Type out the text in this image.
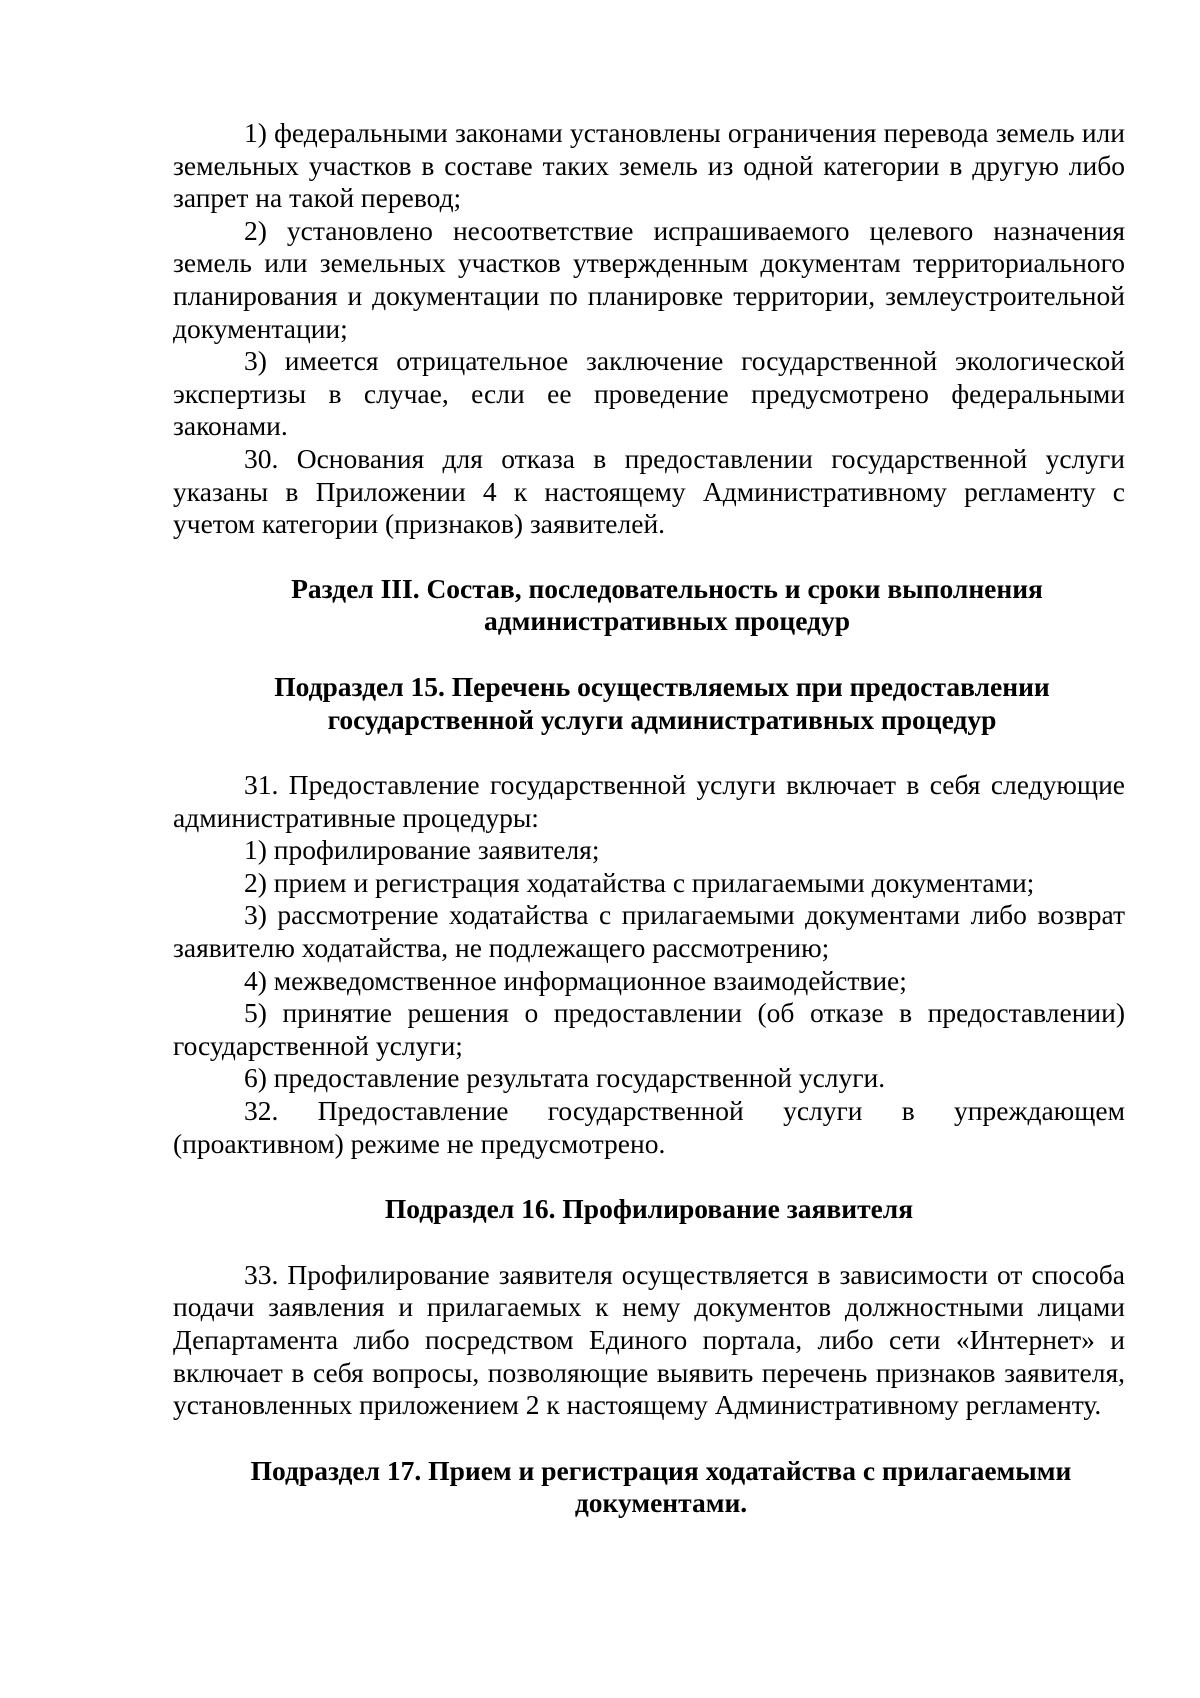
1) федеральными законами установлены ограничения перевода земель или земельных участков в составе таких земель из одной категории в другую либо запрет на такой перевод;

2) установлено несоответствие испрашиваемого целевого назначения земель или земельных участков утвержденным документам территориального планирования и документации по планировке территории, землеустроительной документации;

3) имеется отрицательное заключение государственной экологической экспертизы в случае, если ее проведение предусмотрено федеральными законами.

30. Основания для отказа в предоставлении государственной услуги указаны в Приложении 4 к настоящему Административному регламенту с учетом категории (признаков) заявителей.

Раздел III. Состав, последовательность и сроки выполнения административных процедур
Подраздел 15. Перечень осуществляемых при предоставлении государственной услуги административных процедур

31. Предоставление государственной услуги включает в себя следующие административные процедуры:

1) профилирование заявителя;

2) прием и регистрация ходатайства с прилагаемыми документами;

3) рассмотрение ходатайства с прилагаемыми документами либо возврат заявителю ходатайства, не подлежащего рассмотрению;

4) межведомственное информационное взаимодействие;

5) принятие решения о предоставлении (об отказе в предоставлении) государственной услуги;

6) предоставление результата государственной услуги.

32. Предоставление государственной услуги в упреждающем (проактивном) режиме не предусмотрено.

Подраздел 16. Профилирование заявителя

33. Профилирование заявителя осуществляется в зависимости от способа подачи заявления и прилагаемых к нему документов должностными лицами Департамента либо посредством Единого портала, либо сети «Интернет» и включает в себя вопросы, позволяющие выявить перечень признаков заявителя, установленных приложением 2 к настоящему Административному регламенту.

Подраздел 17. Прием и регистрация ходатайства с прилагаемыми документами.
